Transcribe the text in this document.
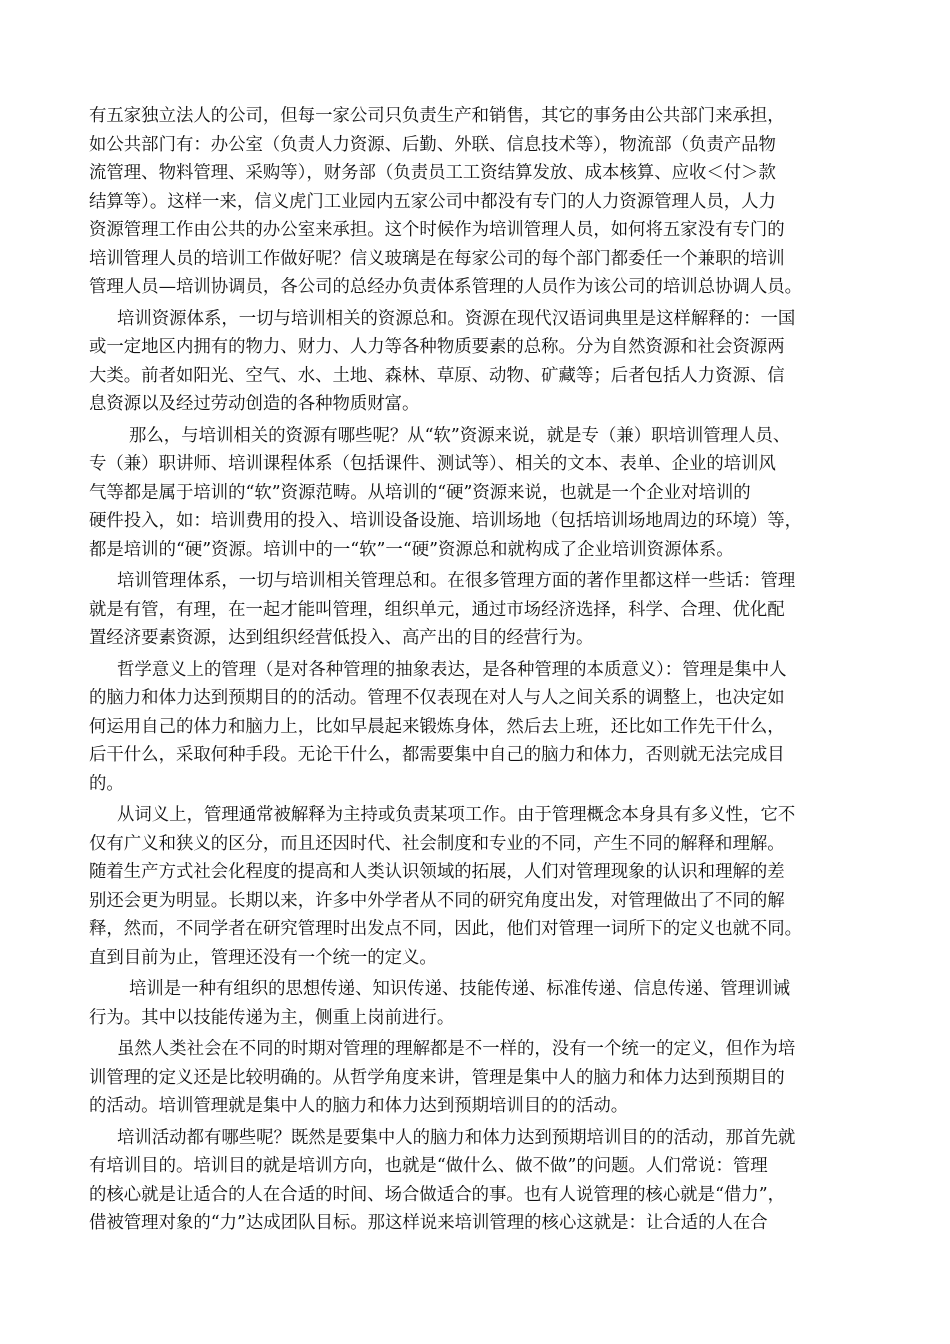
有五家独立法人的公司，但每一家公司只负责生产和销售，其它的事务由公共部门来承担，
如公共部门有：办公室（负责人力资源、后勤、外联、信息技术等），物流部（负责产品物
流管理、物料管理、采购等），财务部（负责员工工资结算发放、成本核算、应收＜付＞款
结算等）。这样一来，信义虎门工业园内五家公司中都没有专门的人力资源管理人员，人力
资源管理工作由公共的办公室来承担。这个时候作为培训管理人员，如何将五家没有专门的
培训管理人员的培训工作做好呢？信义玻璃是在每家公司的每个部门都委任一个兼职的培训
管理人员—培训协调员，各公司的总经办负责体系管理的人员作为该公司的培训总协调人员。
培训资源体系，一切与培训相关的资源总和。资源在现代汉语词典里是这样解释的：一国
或一定地区内拥有的物力、财力、人力等各种物质要素的总称。分为自然资源和社会资源两
大类。前者如阳光、空气、水、土地、森林、草原、动物、矿藏等；后者包括人力资源、信
息资源以及经过劳动创造的各种物质财富。
那么，与培训相关的资源有哪些呢？从“软”资源来说，就是专（兼）职培训管理人员、
专（兼）职讲师、培训课程体系（包括课件、测试等）、相关的文本、表单、企业的培训风
气等都是属于培训的“软”资源范畴。从培训的“硬”资源来说，也就是一个企业对培训的
硬件投入，如：培训费用的投入、培训设备设施、培训场地（包括培训场地周边的环境）等，
都是培训的“硬”资源。培训中的一“软”一“硬”资源总和就构成了企业培训资源体系。
培训管理体系，一切与培训相关管理总和。在很多管理方面的著作里都这样一些话：管理
就是有管，有理，在一起才能叫管理，组织单元，通过市场经济选择，科学、合理、优化配
置经济要素资源，达到组织经营低投入、高产出的目的经营行为。
哲学意义上的管理（是对各种管理的抽象表达，是各种管理的本质意义）：管理是集中人
的脑力和体力达到预期目的的活动。管理不仅表现在对人与人之间关系的调整上，也决定如
何运用自己的体力和脑力上，比如早晨起来锻炼身体，然后去上班，还比如工作先干什么，
后干什么，采取何种手段。无论干什么，都需要集中自己的脑力和体力，否则就无法完成目
的。
从词义上，管理通常被解释为主持或负责某项工作。由于管理概念本身具有多义性，它不
仅有广义和狭义的区分，而且还因时代、社会制度和专业的不同，产生不同的解释和理解。
随着生产方式社会化程度的提高和人类认识领域的拓展，人们对管理现象的认识和理解的差
别还会更为明显。长期以来，许多中外学者从不同的研究角度出发，对管理做出了不同的解
释，然而，不同学者在研究管理时出发点不同，因此，他们对管理一词所下的定义也就不同。
直到目前为止，管理还没有一个统一的定义。
培训是一种有组织的思想传递、知识传递、技能传递、标准传递、信息传递、管理训诫
行为。其中以技能传递为主，侧重上岗前进行。
虽然人类社会在不同的时期对管理的理解都是不一样的，没有一个统一的定义，但作为培
训管理的定义还是比较明确的。从哲学角度来讲，管理是集中人的脑力和体力达到预期目的
的活动。培训管理就是集中人的脑力和体力达到预期培训目的的活动。
培训活动都有哪些呢？既然是要集中人的脑力和体力达到预期培训目的的活动，那首先就
有培训目的。培训目的就是培训方向，也就是“做什么、做不做”的问题。人们常说：管理
的核心就是让适合的人在合适的时间、场合做适合的事。也有人说管理的核心就是“借力”，
借被管理对象的“力”达成团队目标。那这样说来培训管理的核心这就是：让合适的人在合
